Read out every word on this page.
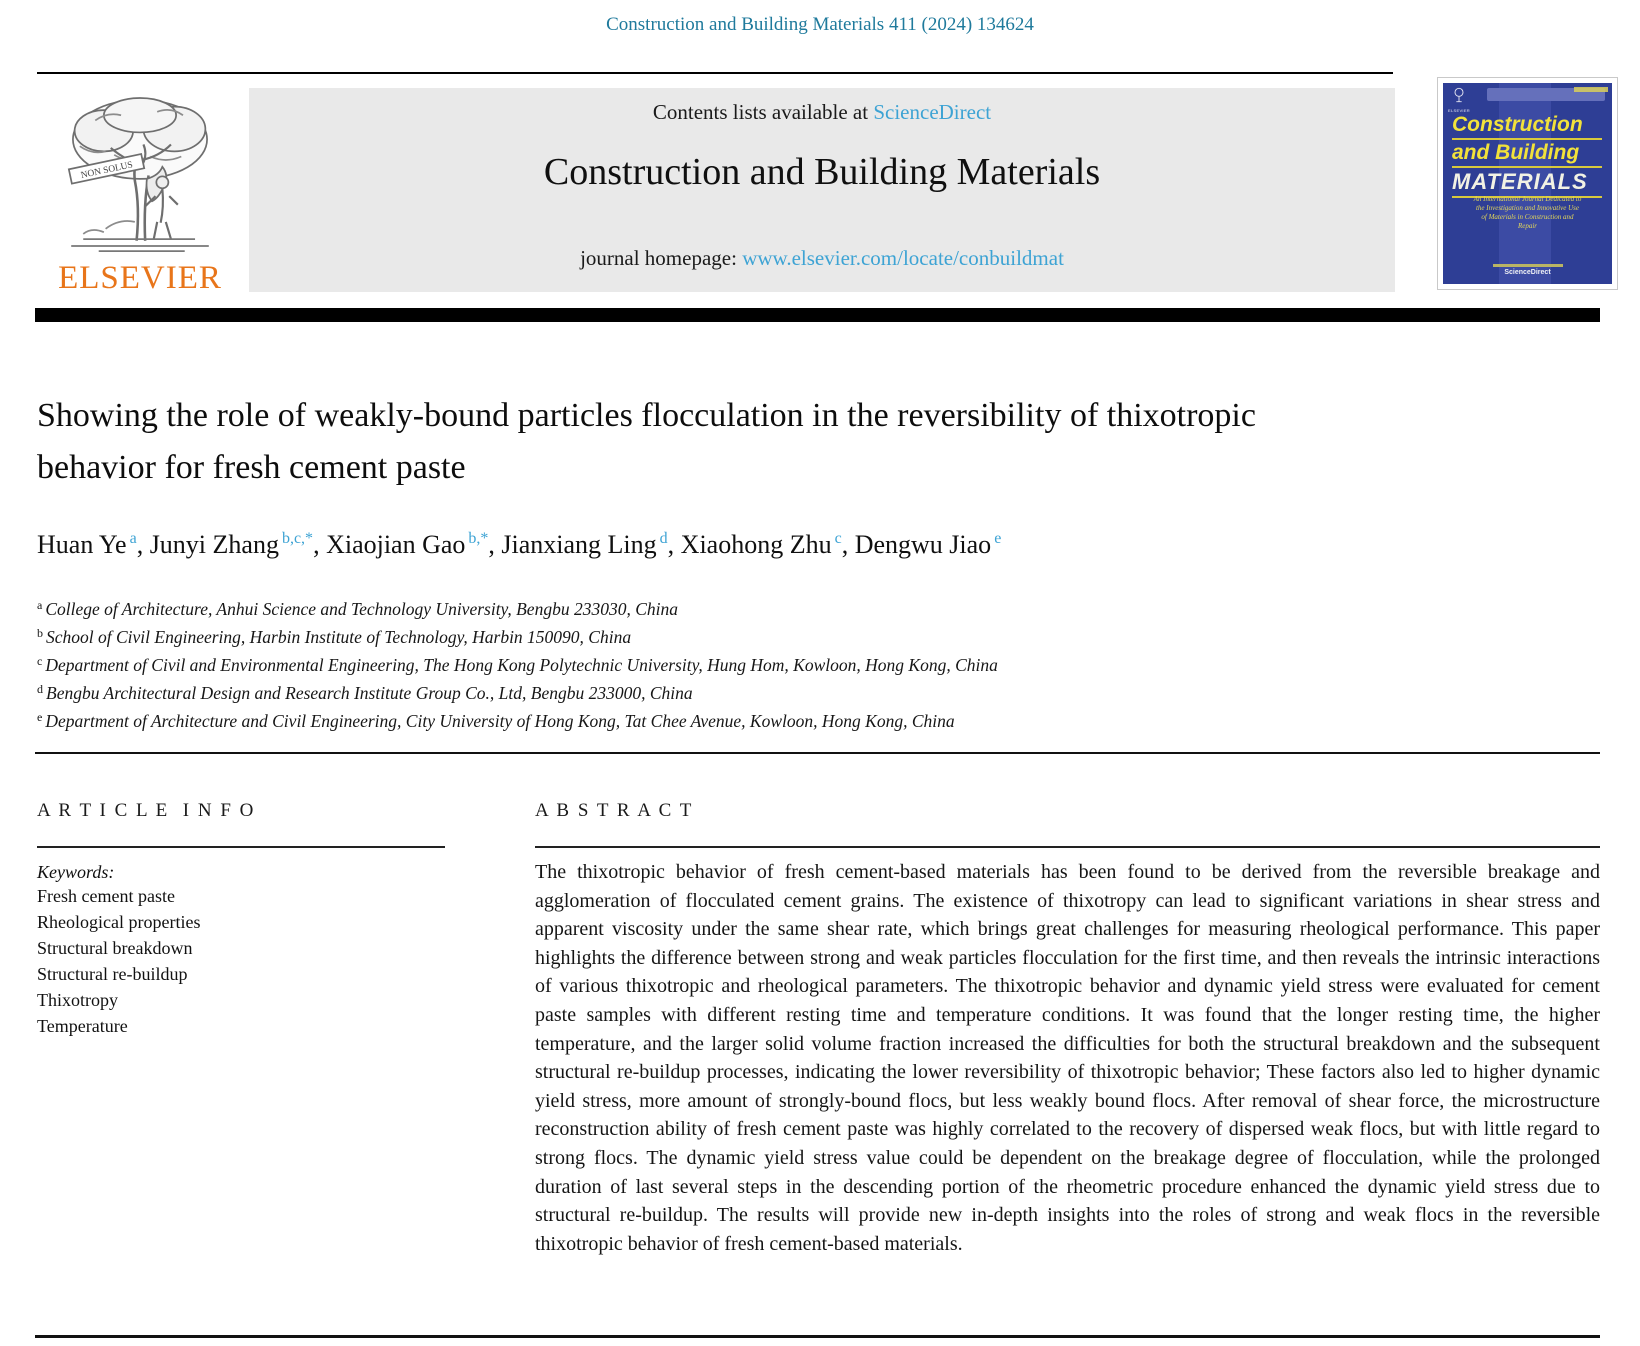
Construction and Building Materials 411 (2024) 134624
NON SOLUS
ELSEVIER
Contents lists available at ScienceDirect
Construction and Building Materials
journal homepage: www.elsevier.com/locate/conbuildmat
ELSEVIER
Construction
and Building
MATERIALS
An International Journal Dedicated to the Investigation and Innovative Use of Materials in Construction and Repair
ScienceDirect
Showing the role of weakly-bound particles flocculation in the reversibility of thixotropic behavior for fresh cement paste
Huan Ye $^a$, Junyi Zhang $^{b,c,*}$, Xiaojian Gao $^{b,*}$, Jianxiang Ling $^d$, Xiaohong Zhu $^c$, Dengwu Jiao $^e$
$^a$ College of Architecture, Anhui Science and Technology University, Bengbu 233030, China
$^b$ School of Civil Engineering, Harbin Institute of Technology, Harbin 150090, China
$^c$ Department of Civil and Environmental Engineering, The Hong Kong Polytechnic University, Hung Hom, Kowloon, Hong Kong, China
$^d$ Bengbu Architectural Design and Research Institute Group Co., Ltd, Bengbu 233000, China
$^e$ Department of Architecture and Civil Engineering, City University of Hong Kong, Tat Chee Avenue, Kowloon, Hong Kong, China
A R T I C L E  I N F O
Keywords:
Fresh cement paste
Rheological properties
Structural breakdown
Structural re-buildup
Thixotropy
Temperature
A B S T R A C T

The thixotropic behavior of fresh cement-based materials has been found to be derived from the reversible breakage and agglomeration of flocculated cement grains. The existence of thixotropy can lead to significant variations in shear stress and apparent viscosity under the same shear rate, which brings great challenges for measuring rheological performance. This paper highlights the difference between strong and weak particles flocculation for the first time, and then reveals the intrinsic interactions of various thixotropic and rheological parameters. The thixotropic behavior and dynamic yield stress were evaluated for cement paste samples with different resting time and temperature conditions. It was found that the longer resting time, the higher temperature, and the larger solid volume fraction increased the difficulties for both the structural breakdown and the subsequent structural re-buildup processes, indicating the lower reversibility of thixotropic behavior; These factors also led to higher dynamic yield stress, more amount of strongly-bound flocs, but less weakly bound flocs. After removal of shear force, the microstructure reconstruction ability of fresh cement paste was highly correlated to the recovery of dispersed weak flocs, but with little regard to strong flocs. The dynamic yield stress value could be dependent on the breakage degree of flocculation, while the prolonged duration of last several steps in the descending portion of the rheometric procedure enhanced the dynamic yield stress due to structural re-buildup. The results will provide new in-depth insights into the roles of strong and weak flocs in the reversible thixotropic behavior of fresh cement-based materials.
